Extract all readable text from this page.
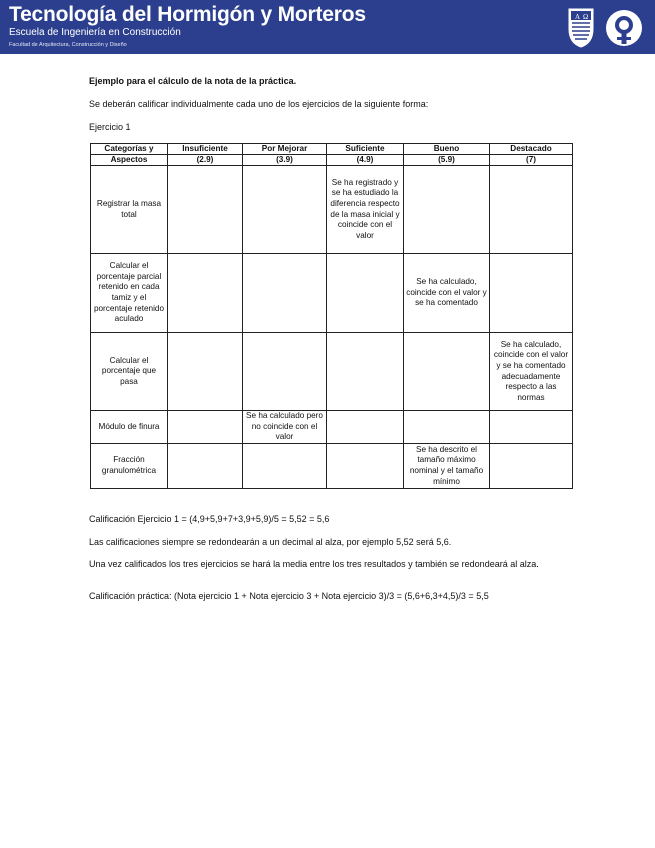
Tecnología del Hormigón y Morteros
Escuela de Ingeniería en Construcción
Facultad de Arquitectura, Construcción y Diseño
A Ω
Ejemplo para el cálculo de la nota de la práctica.
Se deberán calificar individualmente cada uno de los ejercicios de la siguiente forma:
Ejercicio 1
Categorías y	Insuficiente	Por Mejorar	Suficiente	Bueno	Destacado
Aspectos	(2.9)	(3.9)	(4.9)	(5.9)	(7)
Registrar la masa total			Se ha registrado y se ha estudiado la diferencia respecto de la masa inicial y coincide con el valor		
Calcular el porcentaje parcial retenido en cada tamiz y el porcentaje retenido aculado				Se ha calculado, coincide con el valor y se ha comentado	
Calcular el porcentaje que pasa					Se ha calculado, coincide con el valor y se ha comentado adecuadamente respecto a las normas
Módulo de finura		Se ha calculado pero no coincide con el valor			
Fracción granulométrica				Se ha descrito el tamaño máximo nominal y el tamaño mínimo	
Calificación Ejercicio 1 = (4,9+5,9+7+3,9+5,9)/5 = 5,52 = 5,6
Las calificaciones siempre se redondearán a un decimal al alza, por ejemplo 5,52 será 5,6.
Una vez calificados los tres ejercicios se hará la media entre los tres resultados y también se redondeará al alza.
Calificación práctica: (Nota ejercicio 1 + Nota ejercicio 3 + Nota ejercicio 3)/3 = (5,6+6,3+4,5)/3 = 5,5
